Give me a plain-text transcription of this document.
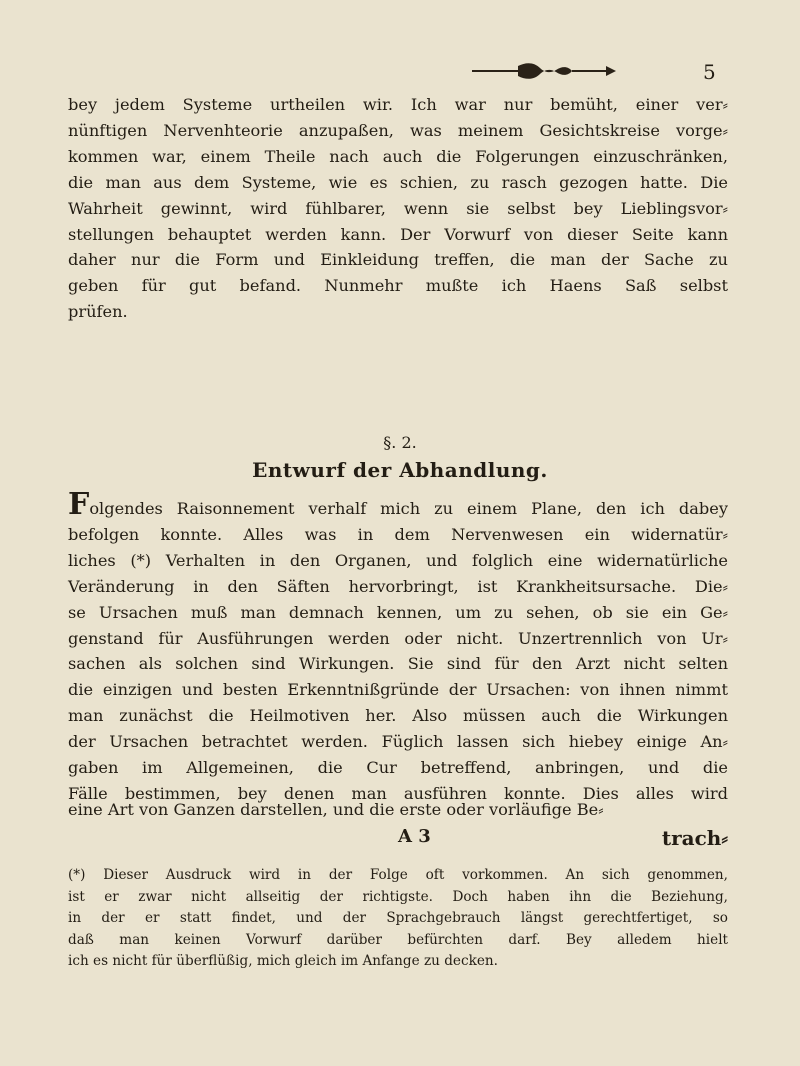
5
bey jedem Systeme urtheilen wir. Ich war nur bemüht, einer ver⸗
nünftigen Nervenhteorie anzupaßen, was meinem Gesichtskreise vorge⸗
kommen war, einem Theile nach auch die Folgerungen einzuschränken,
die man aus dem Systeme, wie es schien, zu rasch gezogen hatte. Die
Wahrheit gewinnt, wird fühlbarer, wenn sie selbst bey Lieblingsvor⸗
stellungen behauptet werden kann. Der Vorwurf von dieser Seite kann
daher nur die Form und Einkleidung treffen, die man der Sache zu
geben für gut befand. Nunmehr mußte ich Haens Saß selbst
prüfen.
§. 2.
Entwurf der Abhandlung.
Folgendes Raisonnement verhalf mich zu einem Plane, den ich dabey
befolgen konnte. Alles was in dem Nervenwesen ein widernatür⸗
liches (*) Verhalten in den Organen, und folglich eine widernatürliche
Veränderung in den Säften hervorbringt, ist Krankheitsursache. Die⸗
se Ursachen muß man demnach kennen, um zu sehen, ob sie ein Ge⸗
genstand für Ausführungen werden oder nicht. Unzertrennlich von Ur⸗
sachen als solchen sind Wirkungen. Sie sind für den Arzt nicht selten
die einzigen und besten Erkenntnißgründe der Ursachen: von ihnen nimmt
man zunächst die Heilmotiven her. Also müssen auch die Wirkungen
der Ursachen betrachtet werden. Füglich lassen sich hiebey einige An⸗
gaben im Allgemeinen, die Cur betreffend, anbringen, und die
Fälle bestimmen, bey denen man ausführen konnte. Dies alles wird
eine Art von Ganzen darstellen, und die erste oder vorläufige Be⸗
A 3	trach⸗
(*) Dieser Ausdruck wird in der Folge oft vorkommen. An sich genommen,
ist er zwar nicht allseitig der richtigste. Doch haben ihn die Beziehung,
in der er statt findet, und der Sprachgebrauch längst gerechtfertiget, so
daß man keinen Vorwurf darüber befürchten darf. Bey alledem hielt
ich es nicht für überflüßig, mich gleich im Anfange zu decken.
